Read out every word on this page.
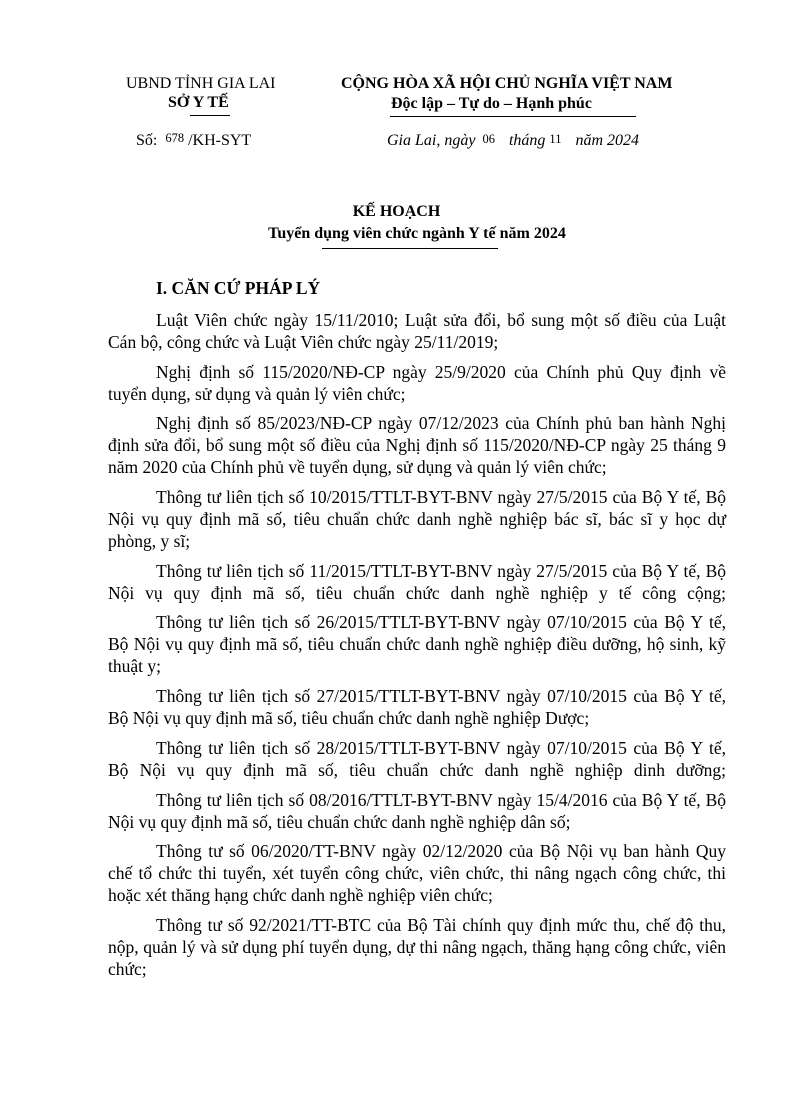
UBND TỈNH GIA LAI
SỞ Y TẾ
Số: 678 /KH-SYT
CỘNG HÒA XÃ HỘI CHỦ NGHĨA VIỆT NAM
Độc lập – Tự do – Hạnh phúc
Gia Lai, ngày 06 tháng 11 năm 2024
KẾ HOẠCH
Tuyển dụng viên chức ngành Y tế năm 2024
I. CĂN CỨ PHÁP LÝ

Luật Viên chức ngày 15/11/2010; Luật sửa đổi, bổ sung một số điều của Luật Cán bộ, công chức và Luật Viên chức ngày 25/11/2019;

Nghị định số 115/2020/NĐ-CP ngày 25/9/2020 của Chính phủ Quy định về tuyển dụng, sử dụng và quản lý viên chức;

Nghị định số 85/2023/NĐ-CP ngày 07/12/2023 của Chính phủ ban hành Nghị định sửa đổi, bổ sung một số điều của Nghị định số 115/2020/NĐ-CP ngày 25 tháng 9 năm 2020 của Chính phủ về tuyển dụng, sử dụng và quản lý viên chức;

Thông tư liên tịch số 10/2015/TTLT-BYT-BNV ngày 27/5/2015 của Bộ Y tế, Bộ Nội vụ quy định mã số, tiêu chuẩn chức danh nghề nghiệp bác sĩ, bác sĩ y học dự phòng, y sĩ;

Thông tư liên tịch số 11/2015/TTLT-BYT-BNV ngày 27/5/2015 của Bộ Y tế, Bộ Nội vụ quy định mã số, tiêu chuẩn chức danh nghề nghiệp y tế công cộng;

Thông tư liên tịch số 26/2015/TTLT-BYT-BNV ngày 07/10/2015 của Bộ Y tế, Bộ Nội vụ quy định mã số, tiêu chuẩn chức danh nghề nghiệp điều dưỡng, hộ sinh, kỹ thuật y;

Thông tư liên tịch số 27/2015/TTLT-BYT-BNV ngày 07/10/2015 của Bộ Y tế, Bộ Nội vụ quy định mã số, tiêu chuẩn chức danh nghề nghiệp Dược;

Thông tư liên tịch số 28/2015/TTLT-BYT-BNV ngày 07/10/2015 của Bộ Y tế, Bộ Nội vụ quy định mã số, tiêu chuẩn chức danh nghề nghiệp dinh dưỡng;

Thông tư liên tịch số 08/2016/TTLT-BYT-BNV ngày 15/4/2016 của Bộ Y tế, Bộ Nội vụ quy định mã số, tiêu chuẩn chức danh nghề nghiệp dân số;

Thông tư số 06/2020/TT-BNV ngày 02/12/2020 của Bộ Nội vụ ban hành Quy chế tổ chức thi tuyển, xét tuyển công chức, viên chức, thi nâng ngạch công chức, thi hoặc xét thăng hạng chức danh nghề nghiệp viên chức;

Thông tư số 92/2021/TT-BTC của Bộ Tài chính quy định mức thu, chế độ thu, nộp, quản lý và sử dụng phí tuyển dụng, dự thi nâng ngạch, thăng hạng công chức, viên chức;
